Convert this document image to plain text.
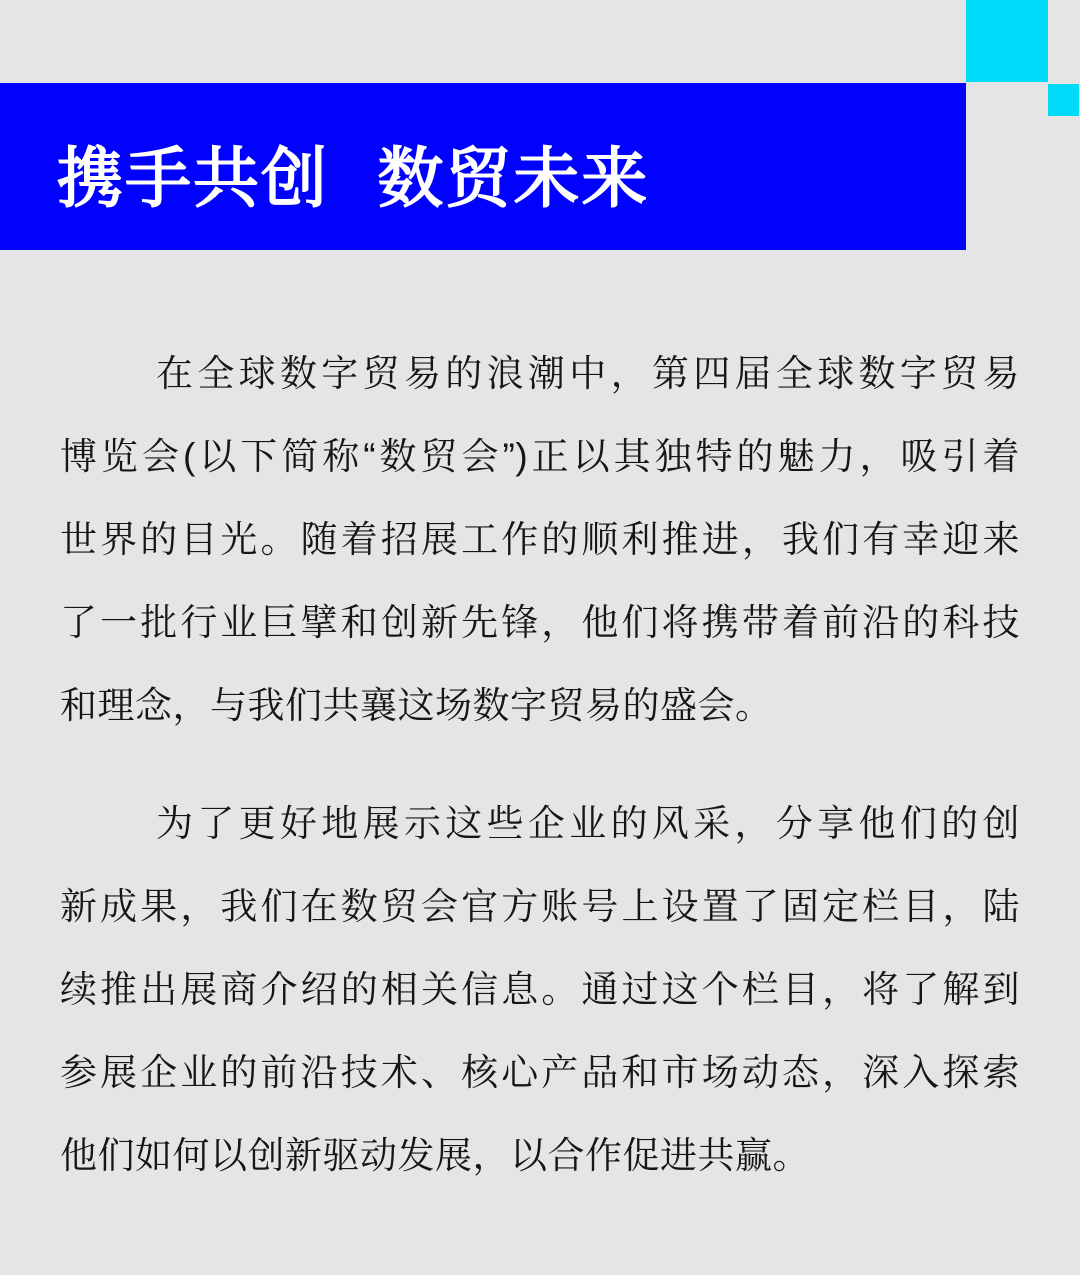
携手共创 数贸未来
在全球数字贸易的浪潮中，第四届全球数字贸易
博览会(以下简称“数贸会”)正以其独特的魅力，吸引着
世界的目光。随着招展工作的顺利推进，我们有幸迎来
了一批行业巨擘和创新先锋，他们将携带着前沿的科技
和理念，与我们共襄这场数字贸易的盛会。
为了更好地展示这些企业的风采，分享他们的创
新成果，我们在数贸会官方账号上设置了固定栏目，陆
续推出展商介绍的相关信息。通过这个栏目，将了解到
参展企业的前沿技术、核心产品和市场动态，深入探索
他们如何以创新驱动发展，以合作促进共赢。
